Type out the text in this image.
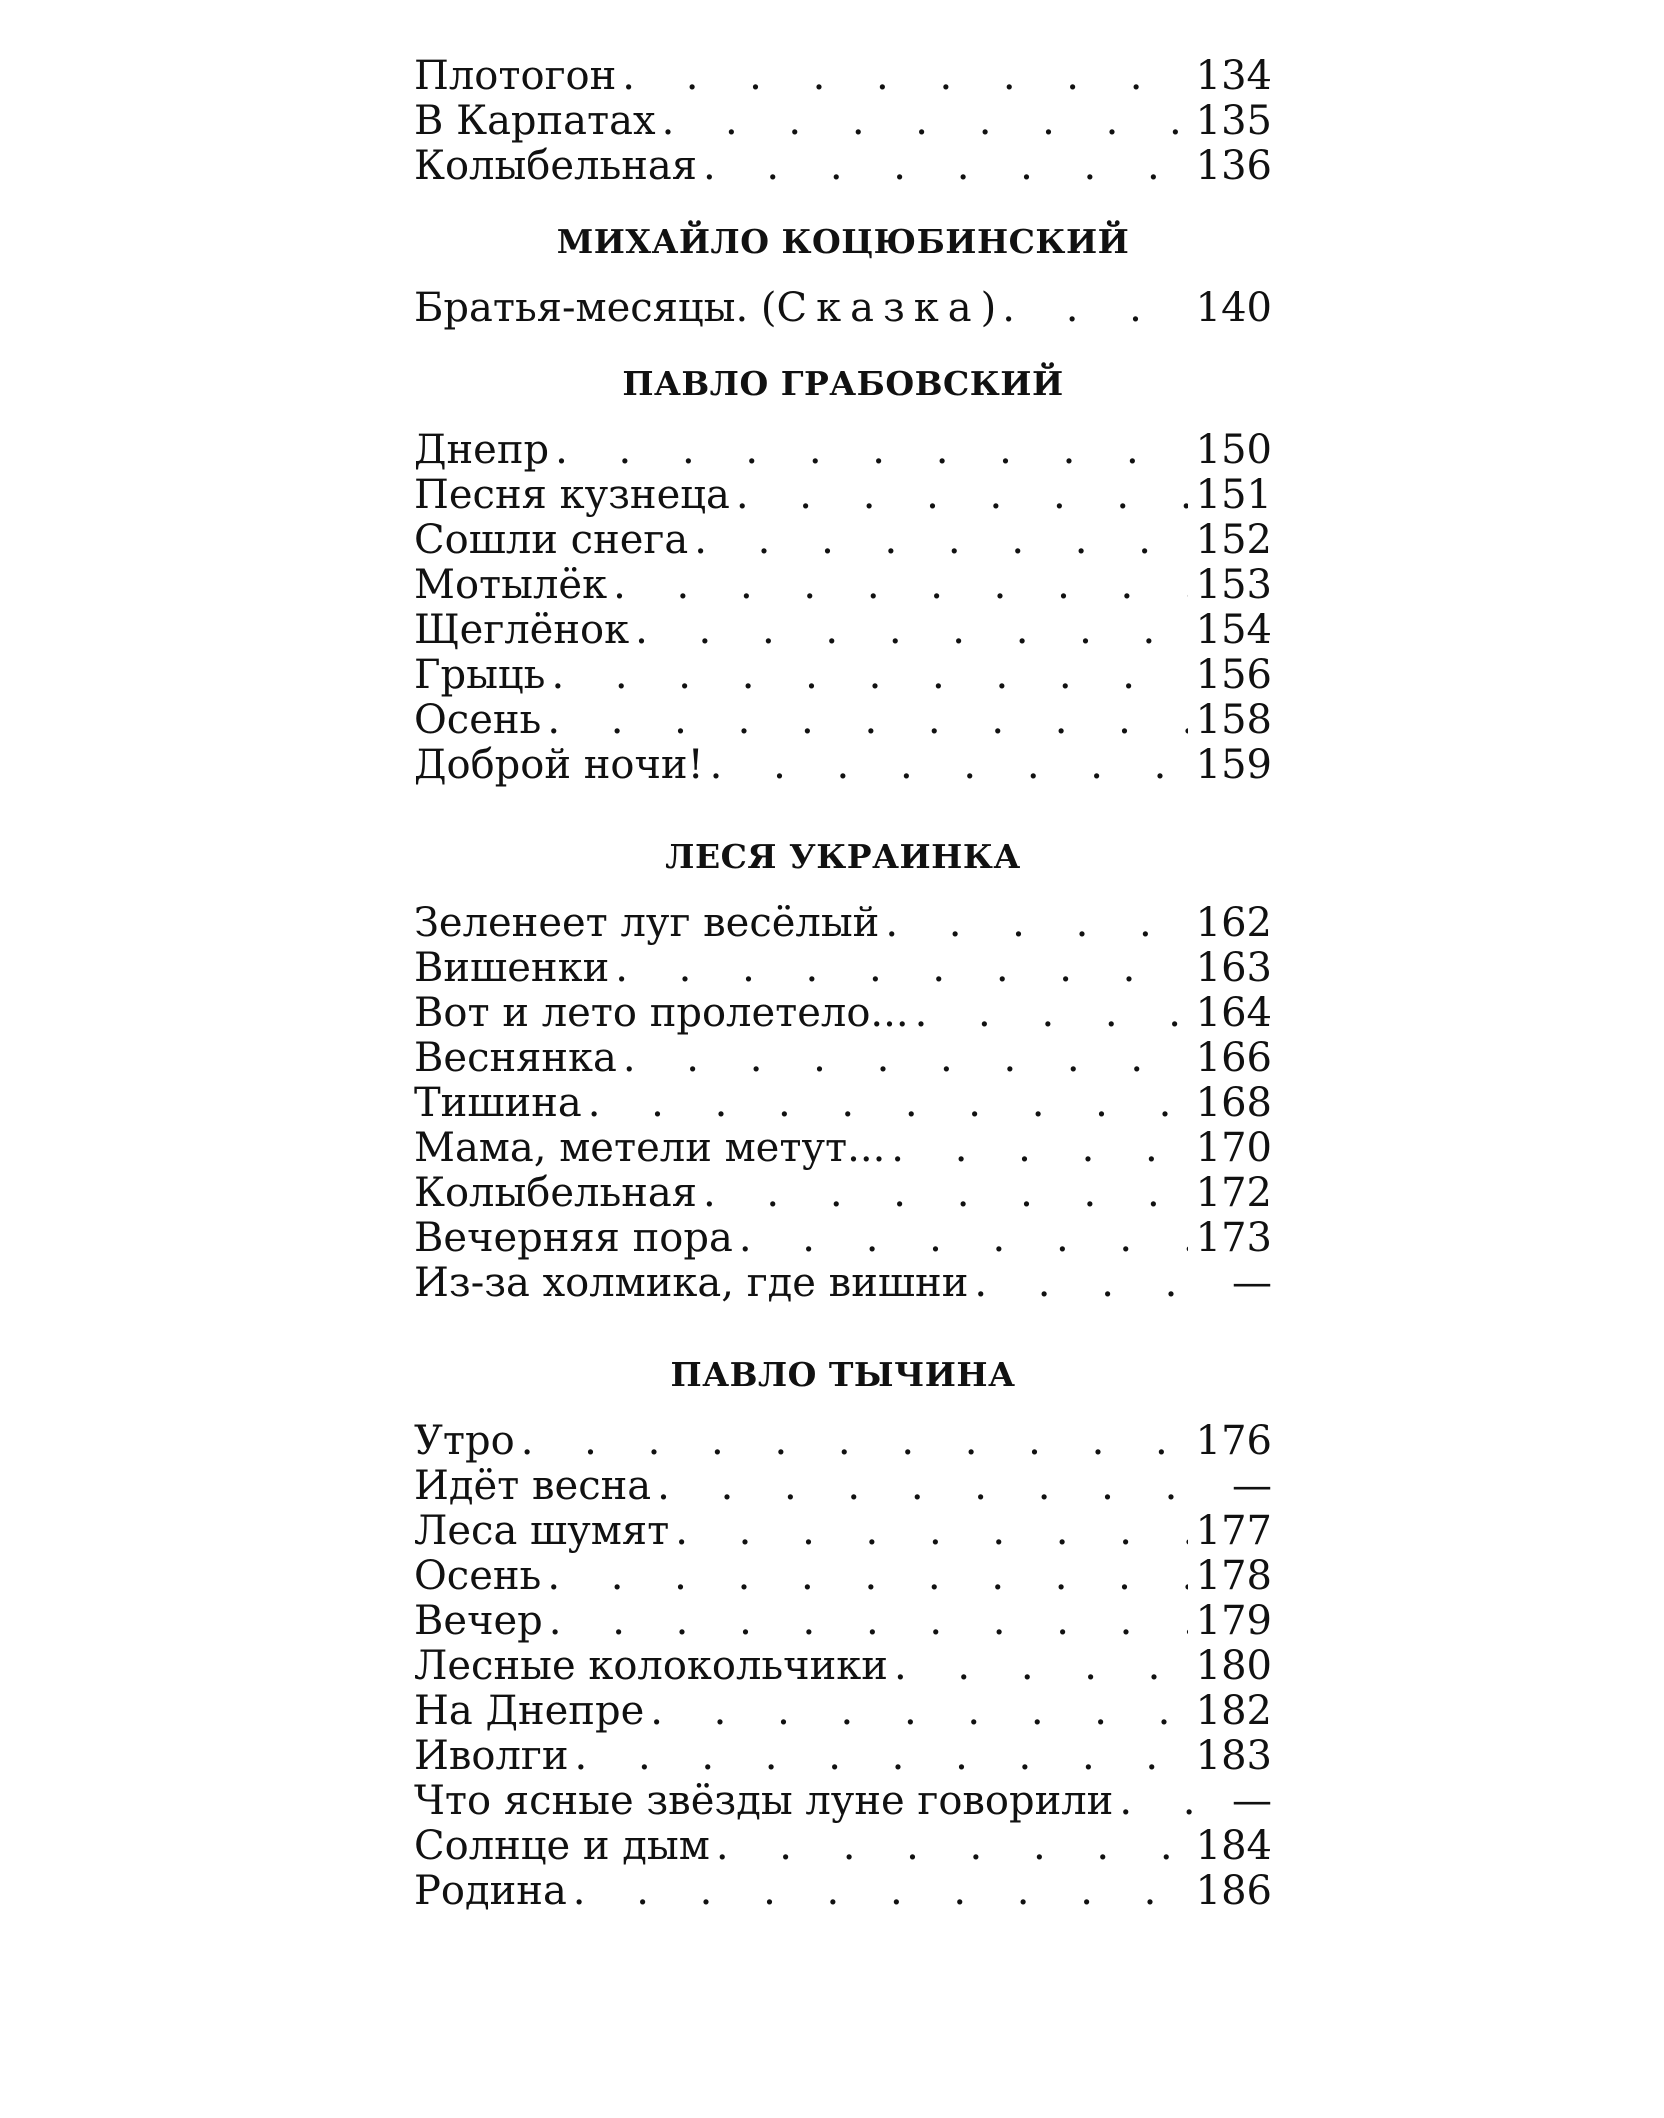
Плотогон . . .	134
В Карпатах . . .	135
Колыбельная . . .	136
МИХАЙЛО КОЦЮБИНСКИЙ
Братья-месяцы. (Сказка) . . .	140
ПАВЛО ГРАБОВСКИЙ
Днепр . . .	150
Песня кузнеца . . .	151
Сошли снега . . .	152
Мотылёк . . .	153
Щеглёнок . . .	154
Грыць . . .	156
Осень . . .	158
Доброй ночи! . . .	159
ЛЕСЯ УКРАИНКА
Зеленеет луг весёлый . . .	162
Вишенки . . .	163
Вот и лето пролетело... . . .	164
Веснянка . . .	166
Тишина . . .	168
Мама, метели метут... . . .	170
Колыбельная . . .	172
Вечерняя пора . . .	173
Из-за холмика, где вишни . . .	—
ПАВЛО ТЫЧИНА
Утро . . .	176
Идёт весна . . .	—
Леса шумят . . .	177
Осень . . .	178
Вечер . . .	179
Лесные колокольчики . . .	180
На Днепре . . .	182
Иволги . . .	183
Что ясные звёзды луне говорили . . .	—
Солнце и дым . . .	184
Родина . . .	186
